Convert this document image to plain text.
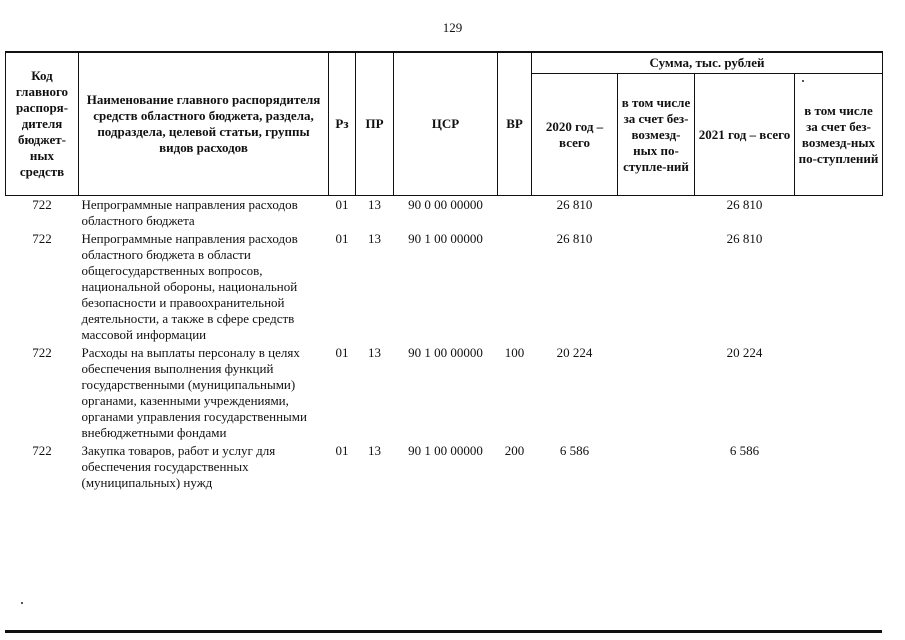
129
Код главного распоря-дителя бюджет-ных средств	Наименование главного распорядителя средств областного бюджета, раздела, подраздела, целевой статьи, группы видов расходов	Рз	ПР	ЦСР	ВР	Сумма, тыс. рублей			
						2020 год – всего	в том числе за счет без-возмезд-ных по-ступле-ний	2021 год – всего	в том числе за счет без-возмезд-ных по-ступлений
722	Непрограммные направления расходов областного бюджета	01	13	90 0 00 00000		26 810		26 810	
722	Непрограммные направления расходов областного бюджета в области общегосударственных вопросов, национальной обороны, национальной безопасности и правоохранительной деятельности, а также в сфере средств массовой информации	01	13	90 1 00 00000		26 810		26 810	
722	Расходы на выплаты персоналу в целях обеспечения выполнения функций государственными (муниципальными) органами, казенными учреждениями, органами управления государственными внебюджетными фондами	01	13	90 1 00 00000	100	20 224		20 224	
722	Закупка товаров, работ и услуг для обеспечения государственных (муниципальных) нужд	01	13	90 1 00 00000	200	6 586		6 586	
